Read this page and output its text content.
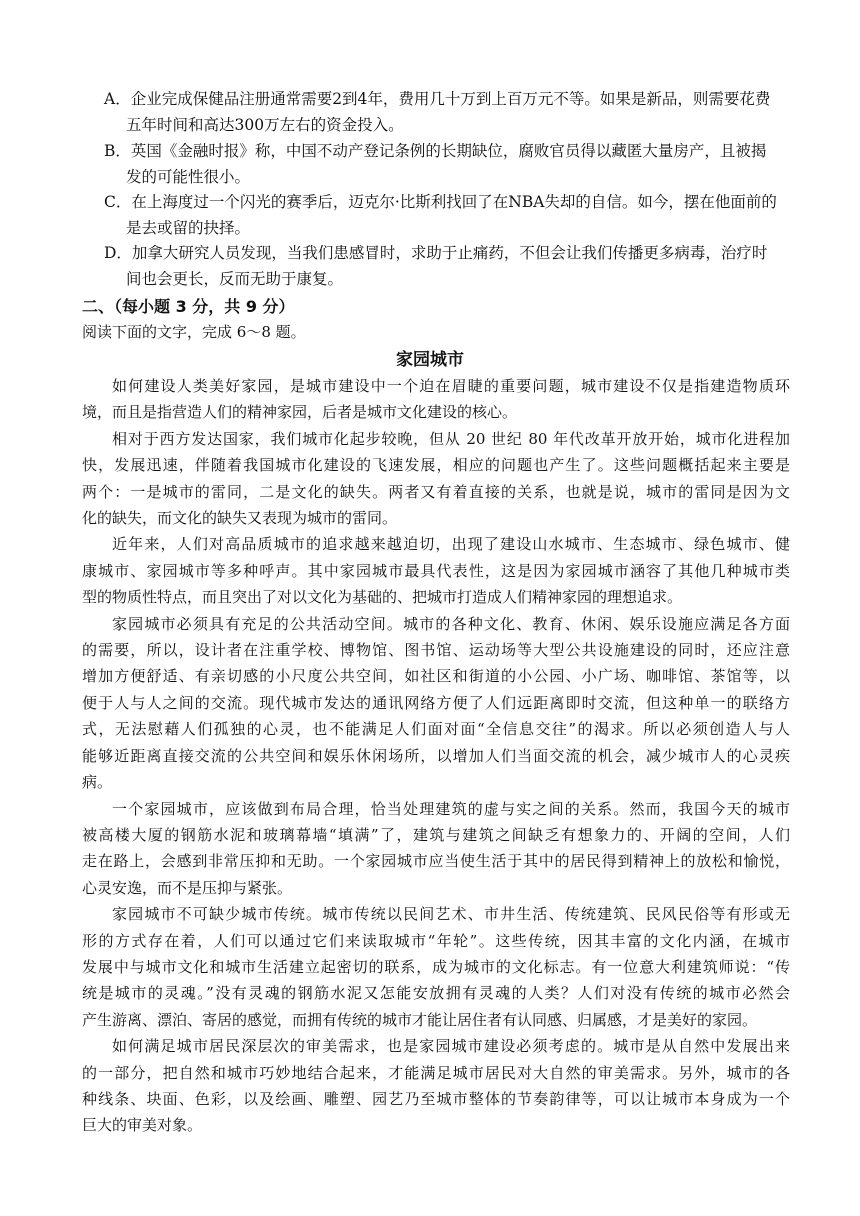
A．企业完成保健品注册通常需要2到4年，费用几十万到上百万元不等。如果是新品，则需要花费
五年时间和高达300万左右的资金投入。
B．英国《金融时报》称，中国不动产登记条例的长期缺位，腐败官员得以藏匿大量房产，且被揭
发的可能性很小。
C．在上海度过一个闪光的赛季后，迈克尔·比斯利找回了在NBA失却的自信。如今，摆在他面前的
是去或留的抉择。
D．加拿大研究人员发现，当我们患感冒时，求助于止痛药，不但会让我们传播更多病毒，治疗时
间也会更长，反而无助于康复。
二、（每小题 3 分，共 9 分）
阅读下面的文字，完成 6～8 题。
家园城市

如何建设人类美好家园，是城市建设中一个迫在眉睫的重要问题，城市建设不仅是指建造物质环
境，而且是指营造人们的精神家园，后者是城市文化建设的核心。

相对于西方发达国家，我们城市化起步较晚，但从 20 世纪 80 年代改革开放开始，城市化进程加
快，发展迅速，伴随着我国城市化建设的飞速发展，相应的问题也产生了。这些问题概括起来主要是
两个：一是城市的雷同，二是文化的缺失。两者又有着直接的关系，也就是说，城市的雷同是因为文
化的缺失，而文化的缺失又表现为城市的雷同。

近年来，人们对高品质城市的追求越来越迫切，出现了建设山水城市、生态城市、绿色城市、健
康城市、家园城市等多种呼声。其中家园城市最具代表性，这是因为家园城市涵容了其他几种城市类
型的物质性特点，而且突出了对以文化为基础的、把城市打造成人们精神家园的理想追求。

家园城市必须具有充足的公共活动空间。城市的各种文化、教育、休闲、娱乐设施应满足各方面
的需要，所以，设计者在注重学校、博物馆、图书馆、运动场等大型公共设施建设的同时，还应注意
增加方便舒适、有亲切感的小尺度公共空间，如社区和街道的小公园、小广场、咖啡馆、茶馆等，以
便于人与人之间的交流。现代城市发达的通讯网络方便了人们远距离即时交流，但这种单一的联络方
式，无法慰藉人们孤独的心灵，也不能满足人们面对面“全信息交往”的渴求。所以必须创造人与人
能够近距离直接交流的公共空间和娱乐休闲场所，以增加人们当面交流的机会，减少城市人的心灵疾
病。

一个家园城市，应该做到布局合理，恰当处理建筑的虚与实之间的关系。然而，我国今天的城市
被高楼大厦的钢筋水泥和玻璃幕墙“填满”了，建筑与建筑之间缺乏有想象力的、开阔的空间，人们
走在路上，会感到非常压抑和无助。一个家园城市应当使生活于其中的居民得到精神上的放松和愉悦，
心灵安逸，而不是压抑与紧张。

家园城市不可缺少城市传统。城市传统以民间艺术、市井生活、传统建筑、民风民俗等有形或无
形的方式存在着，人们可以通过它们来读取城市“年轮”。这些传统，因其丰富的文化内涵，在城市
发展中与城市文化和城市生活建立起密切的联系，成为城市的文化标志。有一位意大利建筑师说：“传
统是城市的灵魂。”没有灵魂的钢筋水泥又怎能安放拥有灵魂的人类？人们对没有传统的城市必然会
产生游离、漂泊、寄居的感觉，而拥有传统的城市才能让居住者有认同感、归属感，才是美好的家园。

如何满足城市居民深层次的审美需求，也是家园城市建设必须考虑的。城市是从自然中发展出来
的一部分，把自然和城市巧妙地结合起来，才能满足城市居民对大自然的审美需求。另外，城市的各
种线条、块面、色彩，以及绘画、雕塑、园艺乃至城市整体的节奏韵律等，可以让城市本身成为一个
巨大的审美对象。
